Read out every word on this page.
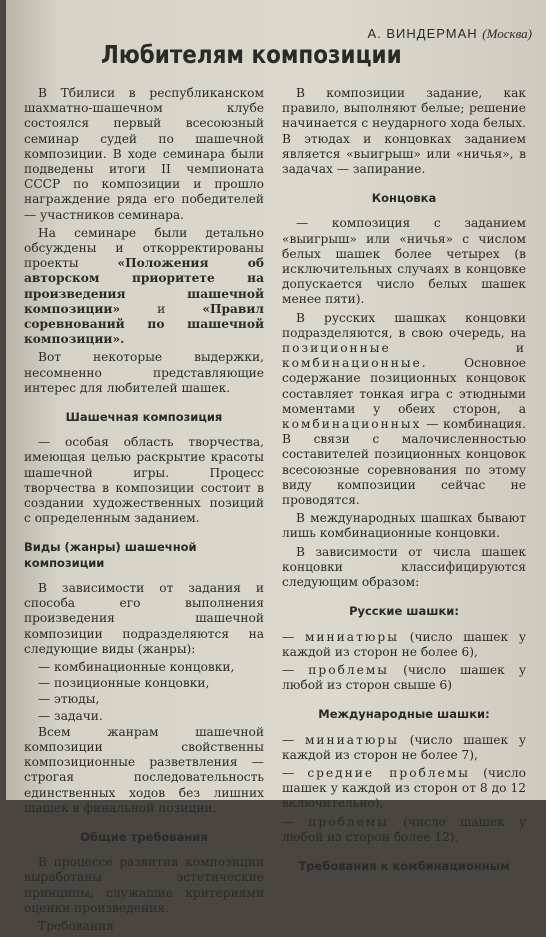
А. ВИНДЕРМАН (Москва)
Любителям композиции

В Тбилиси в республиканском шахматно-шашечном клубе состоялся первый всесоюзный семинар судей по шашечной композиции. В ходе семинара были подведены итоги II чемпионата СССР по композиции и прошло награждение ряда его победителей — участников семинара.

На семинаре были детально обсуждены и откорректированы проекты «Положения об авторском приоритете на произведения шашечной композиции» и «Правил соревнований по шашечной композиции».

Вот некоторые выдержки, несомненно представляющие интерес для любителей шашек.

Шашечная композиция

— особая область творчества, имеющая целью раскрытие красоты шашечной игры. Процесс творчества в композиции состоит в создании художественных позиций с определенным заданием.

Виды (жанры) шашечной композиции

В зависимости от задания и способа его выполнения произведения шашечной композиции подразделяются на следующие виды (жанры):

— комбинационные концовки,
— позиционные концовки,
— этюды,
— задачи.

Всем жанрам шашечной композиции свойственны композиционные разветвления — строгая последовательность единственных ходов без лишних шашек в финальной позиции.

Общие требования

В процессе развития композиции выработаны эстетические принципы, служащие критериями оценки произведения.

Требования

В композиции задание, как правило, выполняют белые; решение начинается с неударного хода белых. В этюдах и концовках заданием является «выигрыш» или «ничья», в задачах — запирание.

Концовка

— композиция с заданием «выигрыш» или «ничья» с числом белых шашек более четырех (в исключительных случаях в концовке допускается число белых шашек менее пяти).

В русских шашках концовки подразделяются, в свою очередь, на позиционные и комбинационные. Основное содержание позиционных концовок составляет тонкая игра с этюдными моментами у обеих сторон, а комбинационных — комбинация. В связи с малочисленностью составителей позиционных концовок всесоюзные соревнования по этому виду композиции сейчас не проводятся.

В международных шашках бывают лишь комбинационные концовки.

В зависимости от числа шашек концовки классифицируются следующим образом:

Русские шашки:

— миниатюры (число шашек у каждой из сторон не более 6),

— проблемы (число шашек у любой из сторон свыше 6)

Международные шашки:

— миниатюры (число шашек у каждой из сторон не более 7),

— средние проблемы (число шашек у каждой из сторон от 8 до 12 включительно),

— проблемы (число шашек у любой из сторон более 12).

Требования к комбинационным
